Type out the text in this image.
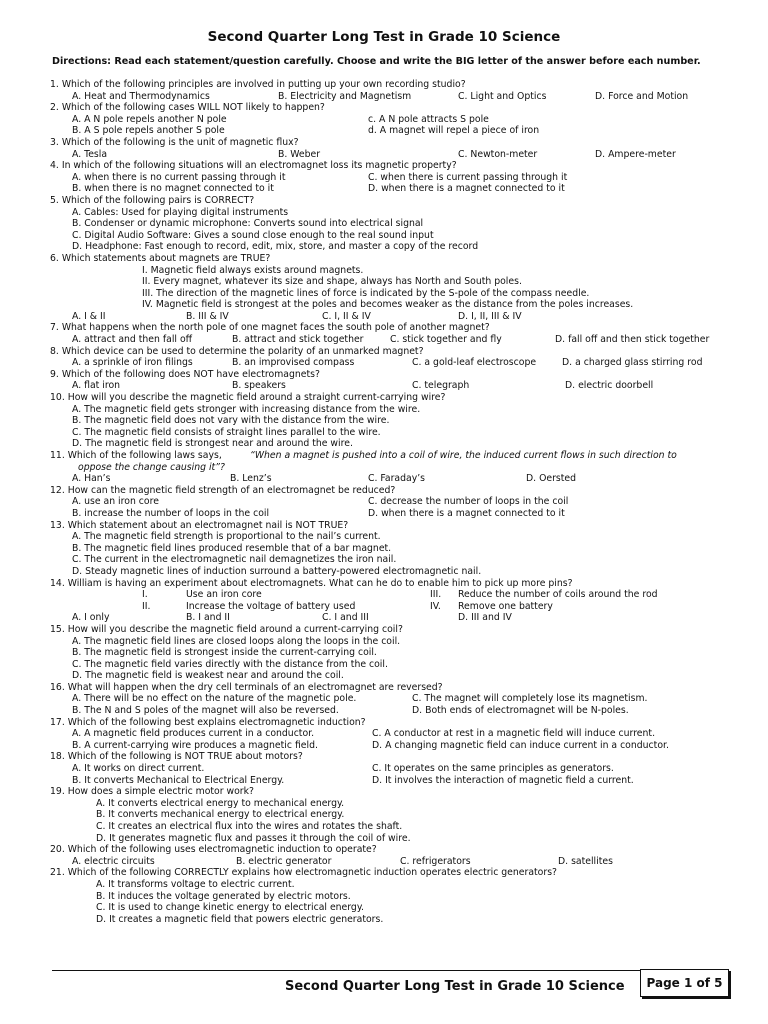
Second Quarter Long Test in Grade 10 Science
Directions: Read each statement/question carefully. Choose and write the BIG letter of the answer before each number.
1. Which of the following principles are involved in putting up your own recording studio?
A. Heat and Thermodynamics	B. Electricity and Magnetism	C. Light and Optics	D. Force and Motion
2. Which of the following cases WILL NOT likely to happen?
A. A N pole repels another N pole	c. A N pole attracts S pole
B. A S pole repels another S pole	d. A magnet will repel a piece of iron
3. Which of the following is the unit of magnetic flux?
A. Tesla	B. Weber	C. Newton-meter	D. Ampere-meter
4. In which of the following situations will an electromagnet loss its magnetic property?
A. when there is no current passing through it	C. when there is current passing through it
B. when there is no magnet connected to it	D. when there is a magnet connected to it
5. Which of the following pairs is CORRECT?
A. Cables: Used for playing digital instruments
B. Condenser or dynamic microphone: Converts sound into electrical signal
C. Digital Audio Software: Gives a sound close enough to the real sound input
D. Headphone: Fast enough to record, edit, mix, store, and master a copy of the record
6. Which statements about magnets are TRUE?
I. Magnetic field always exists around magnets.
II. Every magnet, whatever its size and shape, always has North and South poles.
III. The direction of the magnetic lines of force is indicated by the S-pole of the compass needle.
IV. Magnetic field is strongest at the poles and becomes weaker as the distance from the poles increases.
A. I & II	B. III & IV	C. I, II & IV	D. I, II, III & IV
7. What happens when the north pole of one magnet faces the south pole of another magnet?
A. attract and then fall off	B. attract and stick together	C. stick together and fly	D. fall off and then stick together
8. Which device can be used to determine the polarity of an unmarked magnet?
A. a sprinkle of iron filings	B. an improvised compass	C. a gold-leaf electroscope	D. a charged glass stirring rod
9. Which of the following does NOT have electromagnets?
A. flat iron	B. speakers	C. telegraph	D. electric doorbell
10. How will you describe the magnetic field around a straight current-carrying wire?
A. The magnetic field gets stronger with increasing distance from the wire.
B. The magnetic field does not vary with the distance from the wire.
C. The magnetic field consists of straight lines parallel to the wire.
D. The magnetic field is strongest near and around the wire.
11. Which of the following laws says,	“When a magnet is pushed into a coil of wire, the induced current flows in such direction to
oppose the change causing it”?
A. Han’s	B. Lenz’s	C. Faraday’s	D. Oersted
12. How can the magnetic field strength of an electromagnet be reduced?
A. use an iron core	C. decrease the number of loops in the coil
B. increase the number of loops in the coil	D. when there is a magnet connected to it
13. Which statement about an electromagnet nail is NOT TRUE?
A. The magnetic field strength is proportional to the nail’s current.
B. The magnetic field lines produced resemble that of a bar magnet.
C. The current in the electromagnetic nail demagnetizes the iron nail.
D. Steady magnetic lines of induction surround a battery-powered electromagnetic nail.
14. William is having an experiment about electromagnets. What can he do to enable him to pick up more pins?
I.	Use an iron core	III. Reduce the number of coils around the rod
II.	Increase the voltage of battery used	IV. Remove one battery
A. I only	B. I and II	C. I and III	D. III and IV
15. How will you describe the magnetic field around a current-carrying coil?
A. The magnetic field lines are closed loops along the loops in the coil.
B. The magnetic field is strongest inside the current-carrying coil.
C. The magnetic field varies directly with the distance from the coil.
D. The magnetic field is weakest near and around the coil.
16. What will happen when the dry cell terminals of an electromagnet are reversed?
A. There will be no effect on the nature of the magnetic pole.	C. The magnet will completely lose its magnetism.
B. The N and S poles of the magnet will also be reversed.	D. Both ends of electromagnet will be N-poles.
17. Which of the following best explains electromagnetic induction?
A. A magnetic field produces current in a conductor.	C. A conductor at rest in a magnetic field will induce current.
B. A current-carrying wire produces a magnetic field.	D. A changing magnetic field can induce current in a conductor.
18. Which of the following is NOT TRUE about motors?
A. It works on direct current.	C. It operates on the same principles as generators.
B. It converts Mechanical to Electrical Energy.	D. It involves the interaction of magnetic field a current.
19. How does a simple electric motor work?
A. It converts electrical energy to mechanical energy.
B. It converts mechanical energy to electrical energy.
C. It creates an electrical flux into the wires and rotates the shaft.
D. It generates magnetic flux and passes it through the coil of wire.
20. Which of the following uses electromagnetic induction to operate?
A. electric circuits	B. electric generator	C. refrigerators	D. satellites
21. Which of the following CORRECTLY explains how electromagnetic induction operates electric generators?
A. It transforms voltage to electric current.
B. It induces the voltage generated by electric motors.
C. It is used to change kinetic energy to electrical energy.
D. It creates a magnetic field that powers electric generators.
Second Quarter Long Test in Grade 10 Science Page 1 of 5
